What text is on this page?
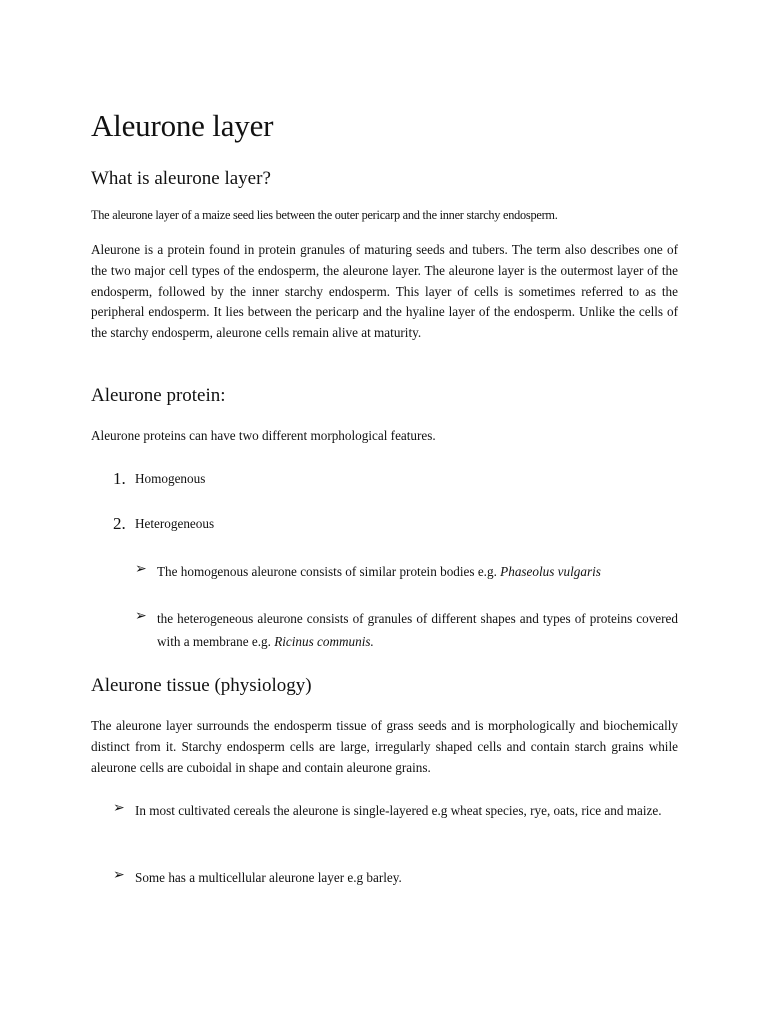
Aleurone layer
What is aleurone layer?

The aleurone layer of a maize seed lies between the outer pericarp and the inner starchy endosperm.

Aleurone is a protein found in protein granules of maturing seeds and tubers. The term also describes one of the two major cell types of the endosperm, the aleurone layer. The aleurone layer is the outermost layer of the endosperm, followed by the inner starchy endosperm. This layer of cells is sometimes referred to as the peripheral endosperm. It lies between the pericarp and the hyaline layer of the endosperm. Unlike the cells of the starchy endosperm, aleurone cells remain alive at maturity.

Aleurone protein:

Aleurone proteins can have two different morphological features.

1. Homogenous
2. Heterogeneous
➢ The homogenous aleurone consists of similar protein bodies e.g. Phaseolus vulgaris
➢ the heterogeneous aleurone consists of granules of different shapes and types of proteins covered with a membrane e.g. Ricinus communis.
Aleurone tissue (physiology)

The aleurone layer surrounds the endosperm tissue of grass seeds and is morphologically and biochemically distinct from it. Starchy endosperm cells are large, irregularly shaped cells and contain starch grains while aleurone cells are cuboidal in shape and contain aleurone grains.

➢ In most cultivated cereals the aleurone is single-layered e.g wheat species, rye, oats, rice and maize.
➢ Some has a multicellular aleurone layer e.g barley.
